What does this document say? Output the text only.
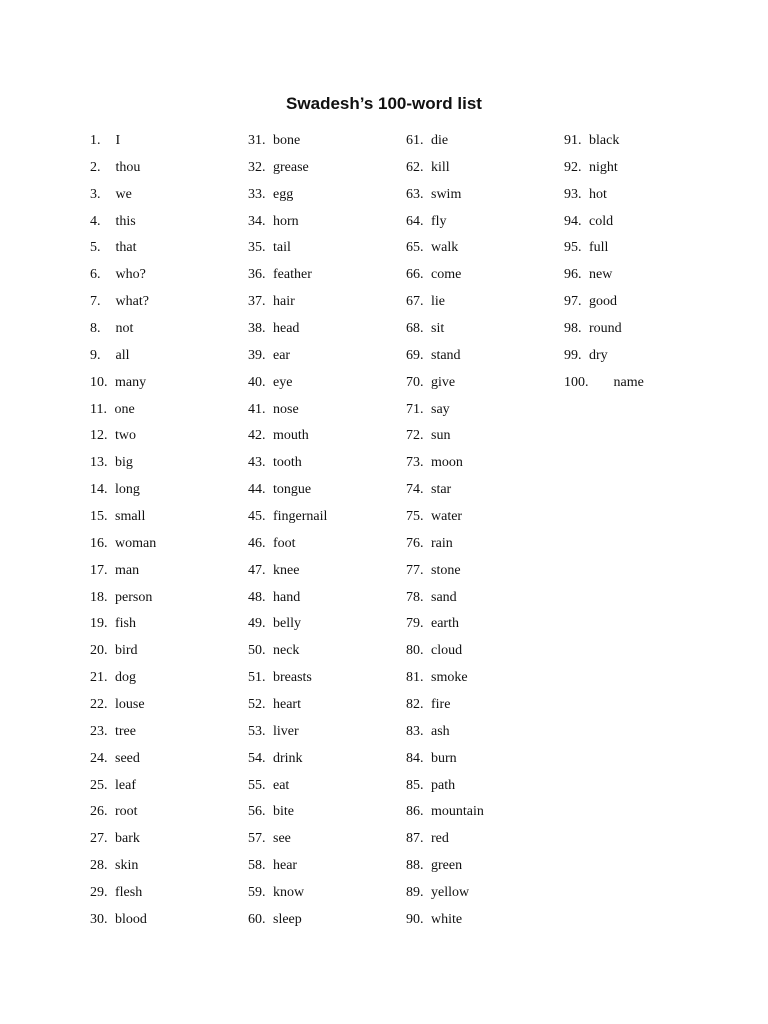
Swadesh’s 100-word list
1. I
2. thou
3. we
4. this
5. that
6. who?
7. what?
8. not
9. all
10. many
11. one
12. two
13. big
14. long
15. small
16. woman
17. man
18. person
19. fish
20. bird
21. dog
22. louse
23. tree
24. seed
25. leaf
26. root
27. bark
28. skin
29. flesh
30. blood
31. bone
32. grease
33. egg
34. horn
35. tail
36. feather
37. hair
38. head
39. ear
40. eye
41. nose
42. mouth
43. tooth
44. tongue
45. fingernail
46. foot
47. knee
48. hand
49. belly
50. neck
51. breasts
52. heart
53. liver
54. drink
55. eat
56. bite
57. see
58. hear
59. know
60. sleep
61. die
62. kill
63. swim
64. fly
65. walk
66. come
67. lie
68. sit
69. stand
70. give
71. say
72. sun
73. moon
74. star
75. water
76. rain
77. stone
78. sand
79. earth
80. cloud
81. smoke
82. fire
83. ash
84. burn
85. path
86. mountain
87. red
88. green
89. yellow
90. white
91. black
92. night
93. hot
94. cold
95. full
96. new
97. good
98. round
99. dry
100. name
